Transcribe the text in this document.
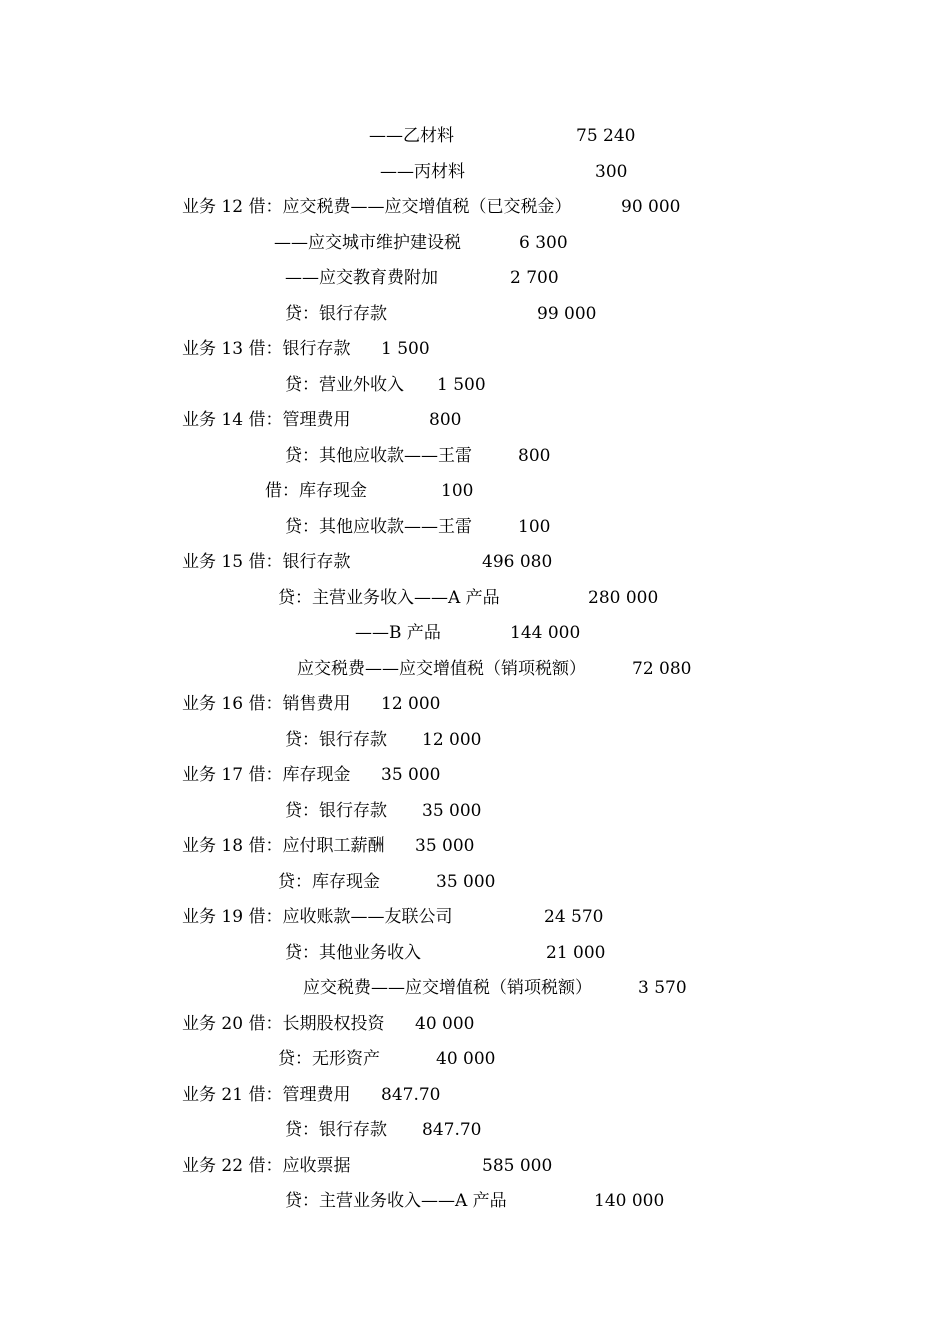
——乙材料	75 240
——丙材料	300
业务 12 借：应交税费——应交增值税（已交税金）	90 000
——应交城市维护建设税	6 300
——应交教育费附加	2 700
贷：银行存款	99 000
业务 13 借：银行存款 1 500
贷：营业外收入 1 500
业务 14 借：管理费用	800
贷：其他应收款——王雷	800
借：库存现金	100
贷：其他应收款——王雷	100
业务 15 借：银行存款	496 080
贷：主营业务收入——A 产品	280 000
——B 产品	144 000
应交税费——应交增值税（销项税额）	72 080
业务 16 借：销售费用 12 000
贷：银行存款 12 000
业务 17 借：库存现金 35 000
贷：银行存款 35 000
业务 18 借：应付职工薪酬 35 000
贷：库存现金	35 000
业务 19 借：应收账款——友联公司	24 570
贷：其他业务收入	21 000
应交税费——应交增值税（销项税额）	3 570
业务 20 借：长期股权投资 40 000
贷：无形资产	40 000
业务 21 借：管理费用 847.70
贷：银行存款 847.70
业务 22 借：应收票据	585 000
贷：主营业务收入——A 产品	140 000
